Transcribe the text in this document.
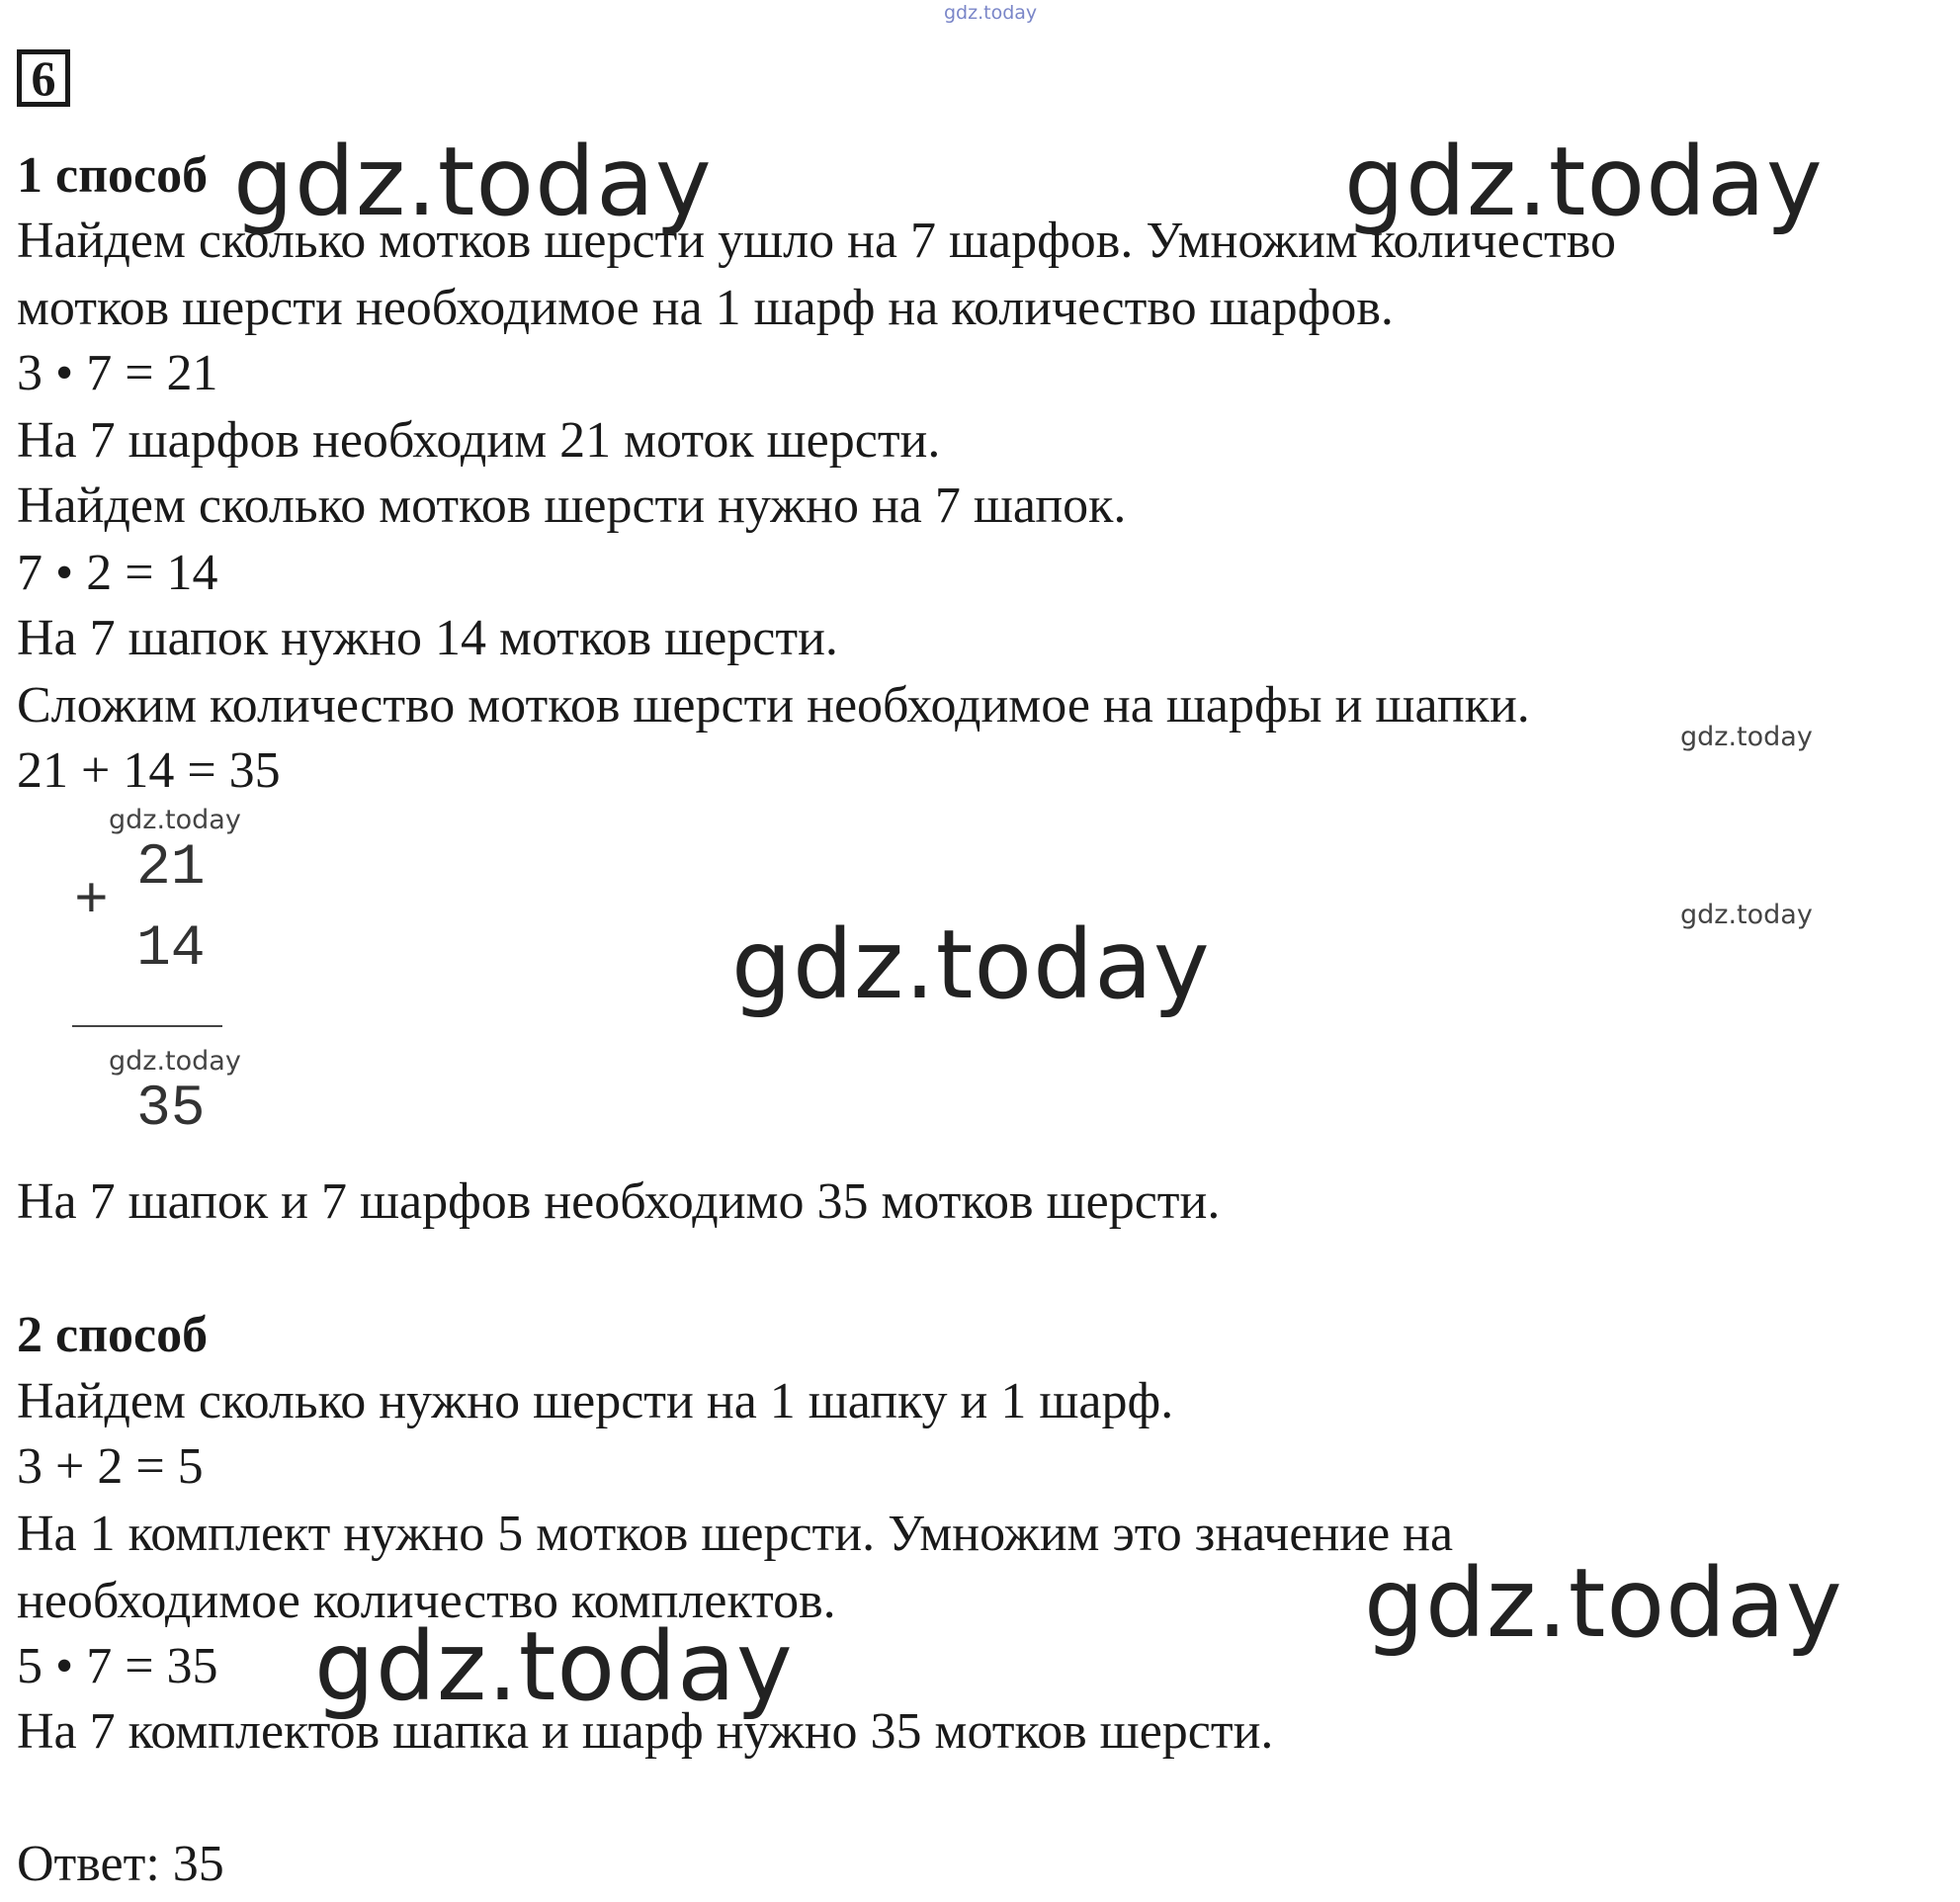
gdz.today
6
1 способ
Найдем сколько мотков шерсти ушло на 7 шарфов. Умножим количество
мотков шерсти необходимое на 1 шарф на количество шарфов.
3 • 7 = 21
На 7 шарфов необходим 21 моток шерсти.
Найдем сколько мотков шерсти нужно на 7 шапок.
7 • 2 = 14
На 7 шапок нужно 14 мотков шерсти.
Сложим количество мотков шерсти необходимое на шарфы и шапки.
21 + 14 = 35
+
21
14
35
На 7 шапок и 7 шарфов необходимо 35 мотков шерсти.
2 способ
Найдем сколько нужно шерсти на 1 шапку и 1 шарф.
3 + 2 = 5
На 1 комплект нужно 5 мотков шерсти. Умножим это значение на
необходимое количество комплектов.
5 • 7 = 35
На 7 комплектов шапка и шарф нужно 35 мотков шерсти.
Ответ: 35
gdz.today	gdz.today
gdz.today
gdz.today
gdz.today
gdz.today
gdz.today
gdz.today
gdz.today
